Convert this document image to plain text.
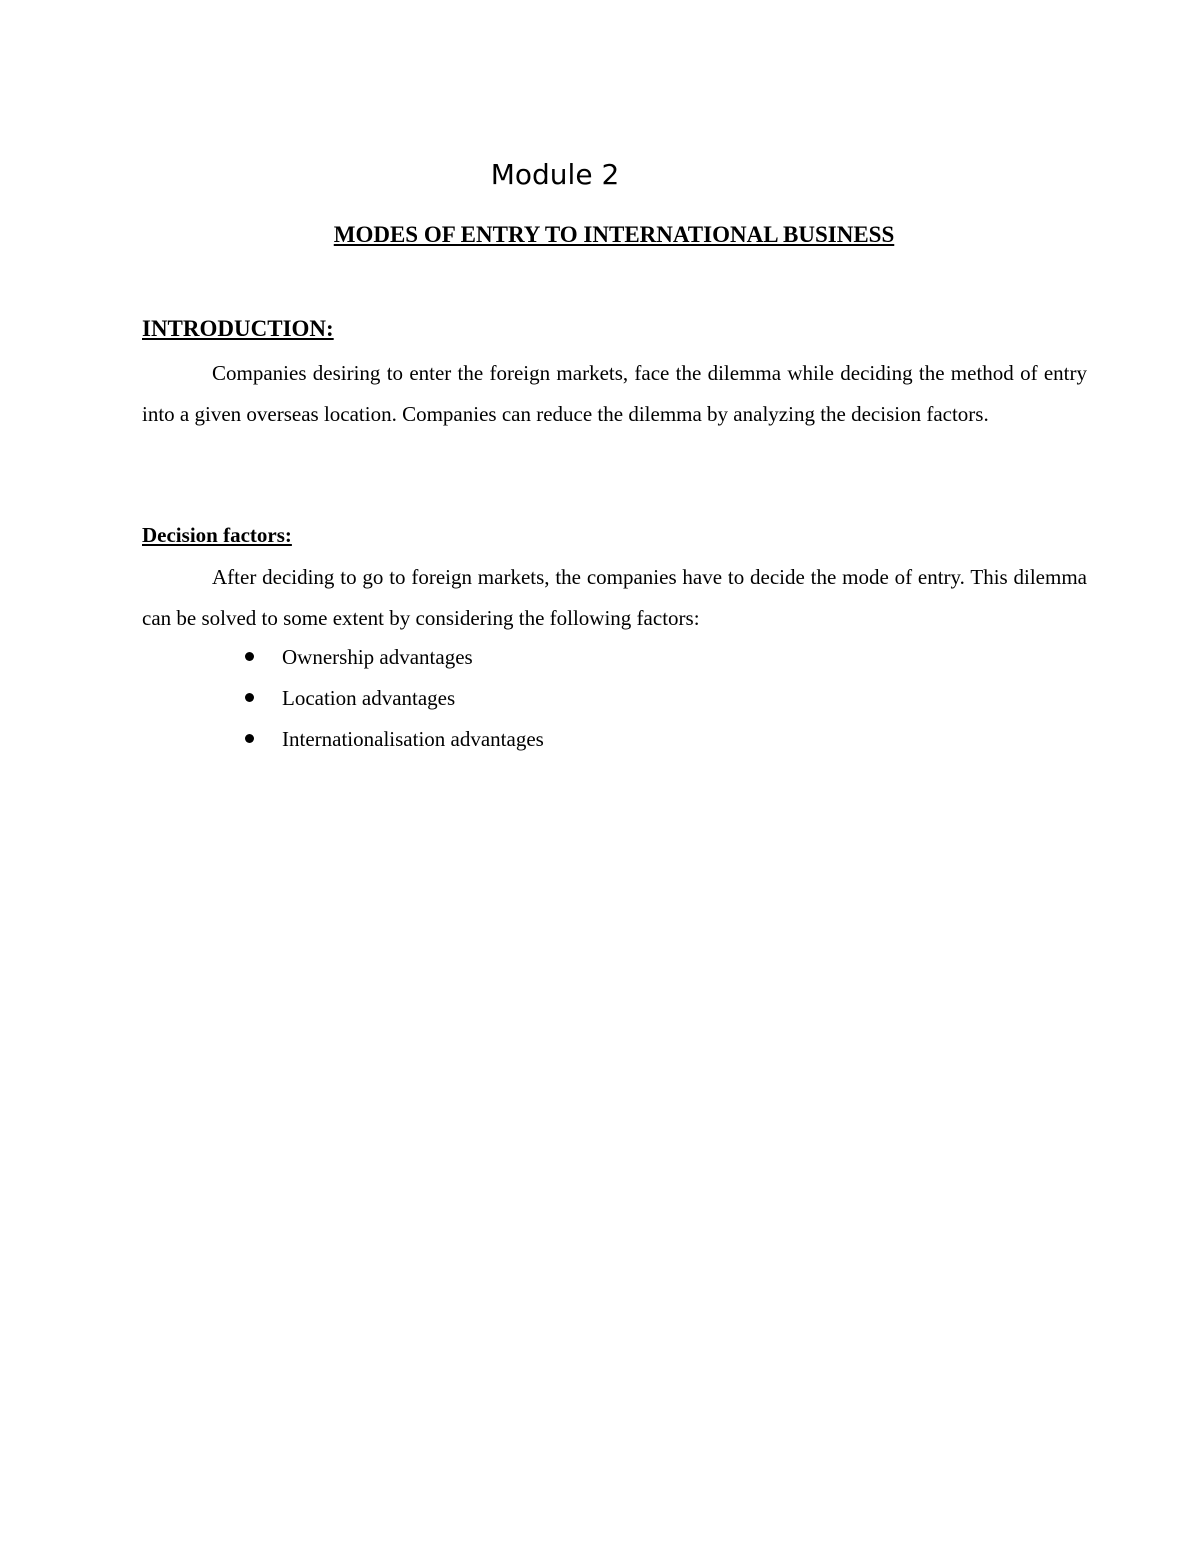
Module 2
MODES OF ENTRY TO INTERNATIONAL BUSINESS
INTRODUCTION:

Companies desiring to enter the foreign markets, face the dilemma while deciding the method of entry into a given overseas location. Companies can reduce the dilemma by analyzing the decision factors.

Decision factors:

After deciding to go to foreign markets, the companies have to decide the mode of entry. This dilemma can be solved to some extent by considering the following factors:

Ownership advantages
Location advantages
Internationalisation advantages
